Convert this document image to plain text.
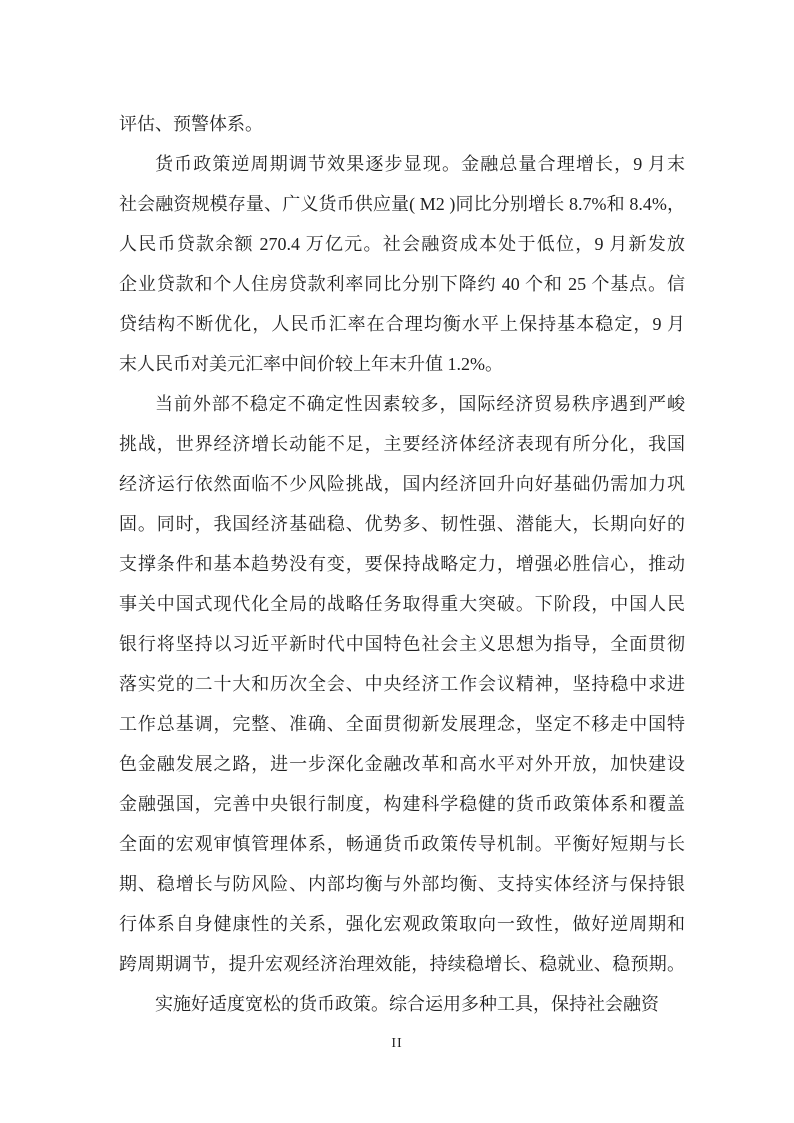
评估、预警体系。
货币政策逆周期调节效果逐步显现。金融总量合理增长，9 月末
社会融资规模存量、广义货币供应量( M2 )同比分别增长 8.7%和 8.4%，
人民币贷款余额 270.4 万亿元。社会融资成本处于低位，9 月新发放
企业贷款和个人住房贷款利率同比分别下降约 40 个和 25 个基点。信
贷结构不断优化，人民币汇率在合理均衡水平上保持基本稳定，9 月
末人民币对美元汇率中间价较上年末升值 1.2%。
当前外部不稳定不确定性因素较多，国际经济贸易秩序遇到严峻
挑战，世界经济增长动能不足，主要经济体经济表现有所分化，我国
经济运行依然面临不少风险挑战，国内经济回升向好基础仍需加力巩
固。同时，我国经济基础稳、优势多、韧性强、潜能大，长期向好的
支撑条件和基本趋势没有变，要保持战略定力，增强必胜信心，推动
事关中国式现代化全局的战略任务取得重大突破。下阶段，中国人民
银行将坚持以习近平新时代中国特色社会主义思想为指导，全面贯彻
落实党的二十大和历次全会、中央经济工作会议精神，坚持稳中求进
工作总基调，完整、准确、全面贯彻新发展理念，坚定不移走中国特
色金融发展之路，进一步深化金融改革和高水平对外开放，加快建设
金融强国，完善中央银行制度，构建科学稳健的货币政策体系和覆盖
全面的宏观审慎管理体系，畅通货币政策传导机制。平衡好短期与长
期、稳增长与防风险、内部均衡与外部均衡、支持实体经济与保持银
行体系自身健康性的关系，强化宏观政策取向一致性，做好逆周期和
跨周期调节，提升宏观经济治理效能，持续稳增长、稳就业、稳预期。
实施好适度宽松的货币政策。综合运用多种工具，保持社会融资
II
